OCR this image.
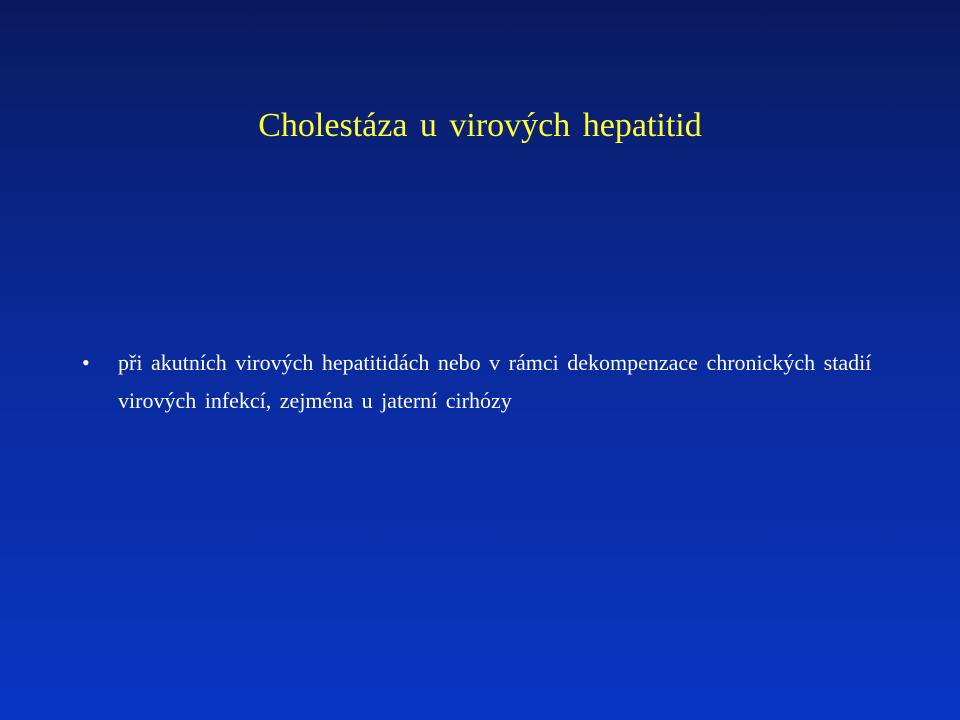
Cholestáza u virových hepatitid
• při akutních virových hepatitidách nebo v rámci dekompenzace chronických stadií virových infekcí, zejména u jaterní cirhózy
